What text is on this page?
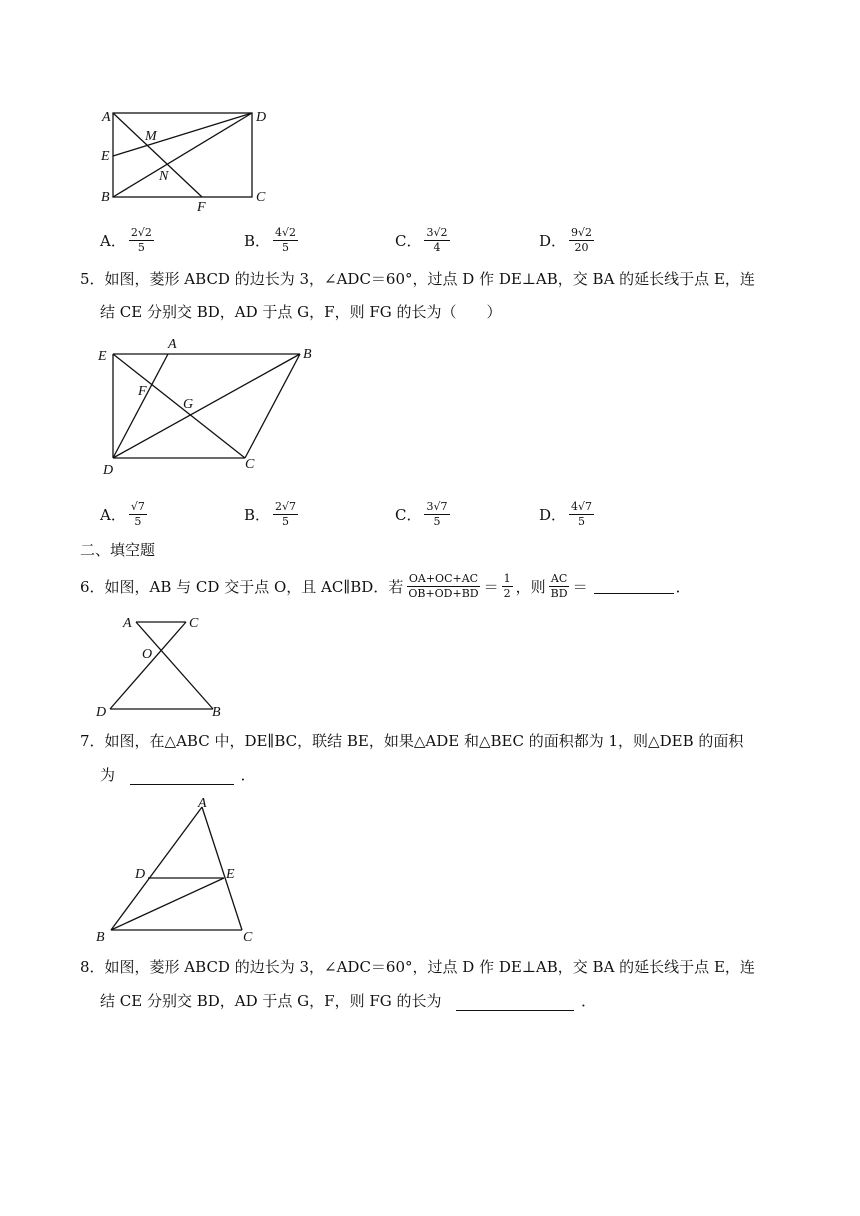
A	D
M
E
N
B
F
C
A． $\frac{2√2}{5}$	B． $\frac{4√2}{5}$	C． $\frac{3√2}{4}$	D． $\frac{9√2}{20}$
5．如图，菱形 ABCD 的边长为 3，∠ADC＝60°，过点 D 作 DE⊥AB，交 BA 的延长线于点 E，连
结 CE 分别交 BD，AD 于点 G，F，则 FG 的长为（　　）
E
A
B
F
G
D	C
A． $\frac{√7}{5}$	B． $\frac{2√7}{5}$	C． $\frac{3√7}{5}$	D． $\frac{4√7}{5}$
二、填空题
6．如图，AB 与 CD 交于点 O，且 AC∥BD．若 $\frac{OA+OC+AC}{OB+OD+BD} = \frac{1}{2}$ ，则 $\frac{AC}{BD}$ ＝	．
A	C
O
D	B
7．如图，在△ABC 中，DE∥BC，联结 BE，如果△ADE 和△BEC 的面积都为 1，则△DEB 的面积
为	．
A
D	E
B	C
8．如图，菱形 ABCD 的边长为 3，∠ADC＝60°，过点 D 作 DE⊥AB，交 BA 的延长线于点 E，连
结 CE 分别交 BD，AD 于点 G，F，则 FG 的长为	．
